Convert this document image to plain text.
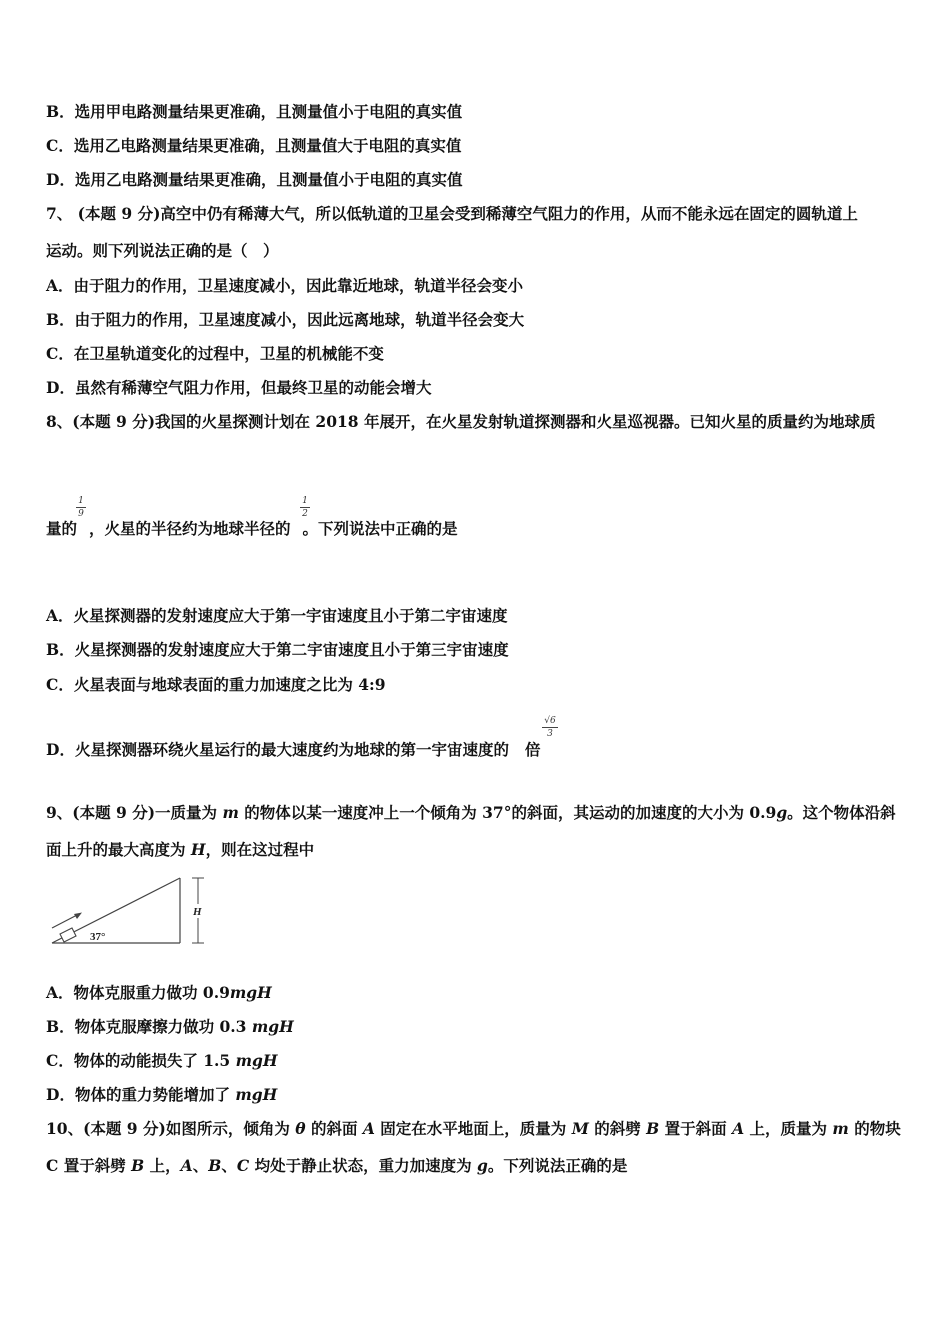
B．选用甲电路测量结果更准确，且测量值小于电阻的真实值
C．选用乙电路测量结果更准确，且测量值大于电阻的真实值
D．选用乙电路测量结果更准确，且测量值小于电阻的真实值
7、 (本题 9 分)高空中仍有稀薄大气，所以低轨道的卫星会受到稀薄空气阻力的作用，从而不能永远在固定的圆轨道上
运动。则下列说法正确的是（　）
A．由于阻力的作用，卫星速度减小，因此靠近地球，轨道半径会变小
B．由于阻力的作用，卫星速度减小，因此远离地球，轨道半径会变大
C．在卫星轨道变化的过程中，卫星的机械能不变
D．虽然有稀薄空气阻力作用，但最终卫星的动能会增大
8、(本题 9 分)我国的火星探测计划在 2018 年展开，在火星发射轨道探测器和火星巡视器。已知火星的质量约为地球质
量的 ，火星的半径约为地球半径的 。下列说法中正确的是
1
9
1
2
A．火星探测器的发射速度应大于第一宇宙速度且小于第二宇宙速度
B．火星探测器的发射速度应大于第二宇宙速度且小于第三宇宙速度
C．火星表面与地球表面的重力加速度之比为 4:9
D．火星探测器环绕火星运行的最大速度约为地球的第一宇宙速度的 倍
√6
3
9、(本题 9 分)一质量为 m 的物体以某一速度冲上一个倾角为 37°的斜面，其运动的加速度的大小为 0.9g。这个物体沿斜
面上升的最大高度为 H，则在这过程中
37°
H
A．物体克服重力做功 0.9mgH
B．物体克服摩擦力做功 0.3 mgH
C．物体的动能损失了 1.5 mgH
D．物体的重力势能增加了 mgH
10、(本题 9 分)如图所示，倾角为 θ 的斜面 A 固定在水平地面上，质量为 M 的斜劈 B 置于斜面 A 上，质量为 m 的物块
C 置于斜劈 B 上，A、B、C 均处于静止状态，重力加速度为 g。下列说法正确的是
